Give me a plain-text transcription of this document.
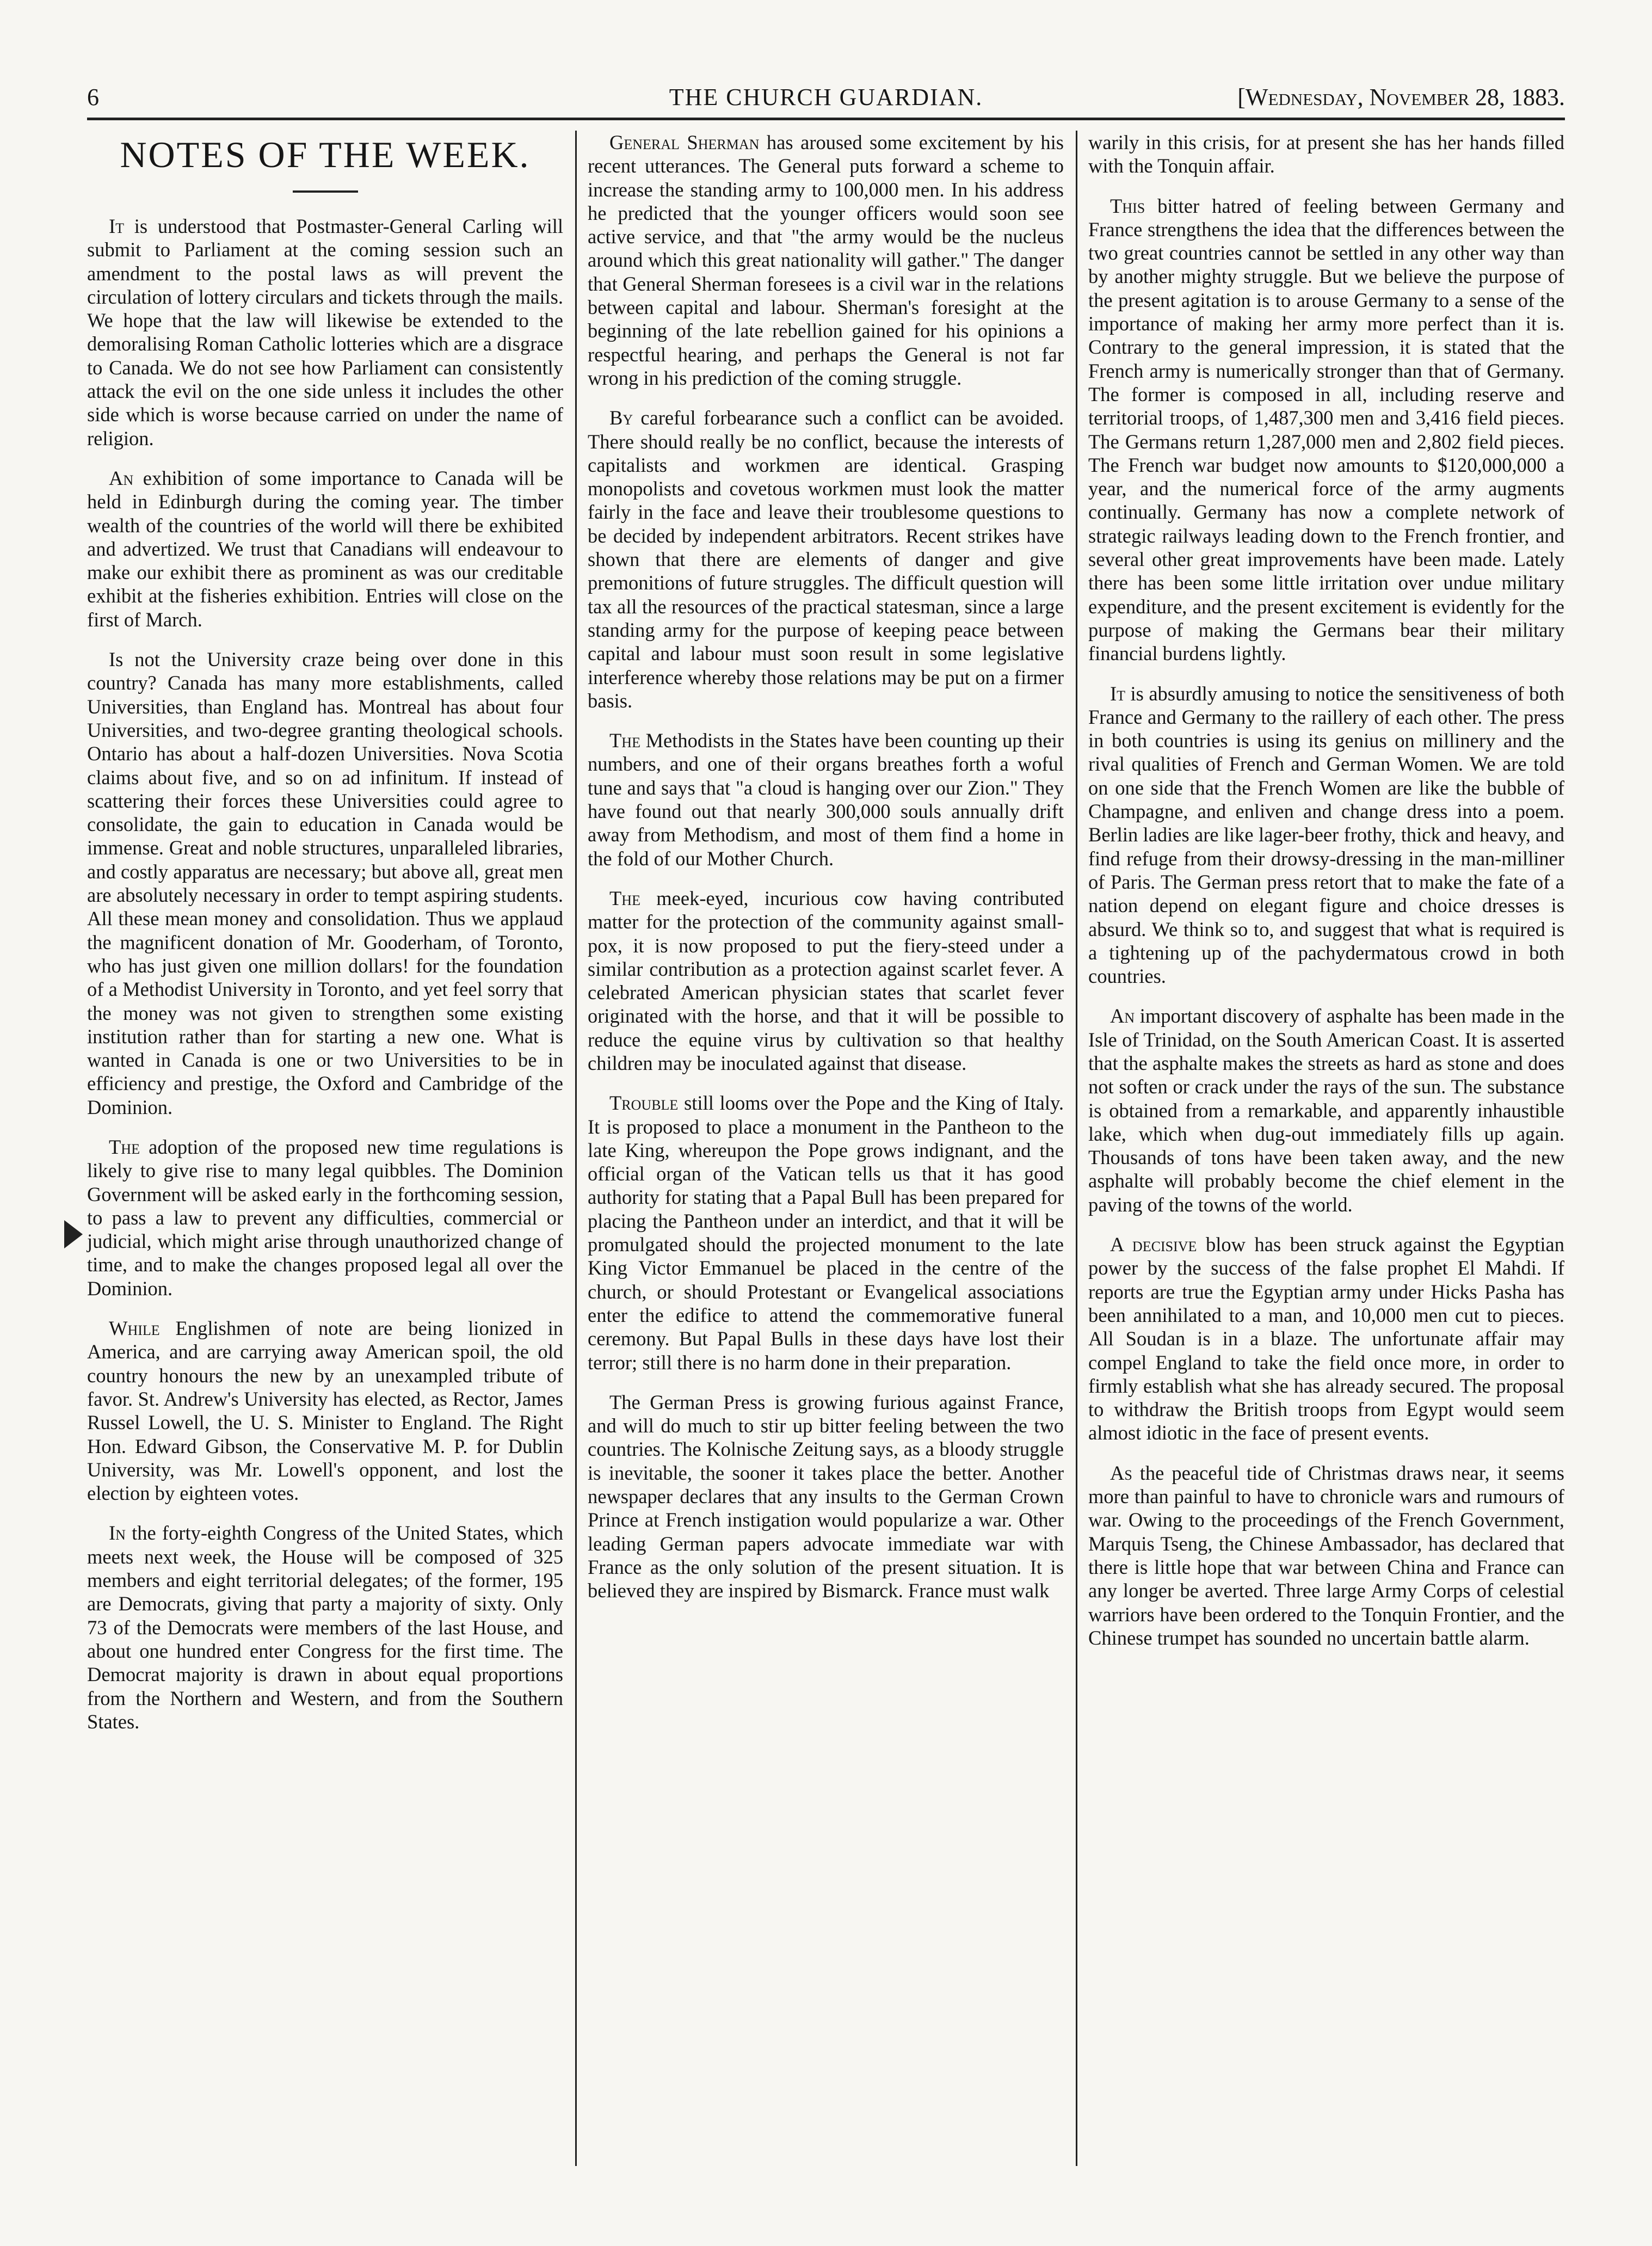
6	THE CHURCH GUARDIAN.	[Wednesday, November 28, 1883.
NOTES OF THE WEEK.

It is understood that Postmaster-General Carling will submit to Parliament at the coming session such an amendment to the postal laws as will prevent the circulation of lottery circulars and tickets through the mails. We hope that the law will likewise be extended to the demoralising Roman Catholic lotteries which are a disgrace to Canada. We do not see how Parliament can consistently attack the evil on the one side unless it includes the other side which is worse because carried on under the name of religion.

An exhibition of some importance to Canada will be held in Edinburgh during the coming year. The timber wealth of the countries of the world will there be exhibited and advertized. We trust that Canadians will endeavour to make our exhibit there as prominent as was our creditable exhibit at the fisheries exhibition. Entries will close on the first of March.

Is not the University craze being over done in this country? Canada has many more establishments, called Universities, than England has. Montreal has about four Universities, and two-degree granting theological schools. Ontario has about a half-dozen Universities. Nova Scotia claims about five, and so on ad infinitum. If instead of scattering their forces these Universities could agree to consolidate, the gain to education in Canada would be immense. Great and noble structures, unparalleled libraries, and costly apparatus are necessary; but above all, great men are absolutely necessary in order to tempt aspiring students. All these mean money and consolidation. Thus we applaud the magnificent donation of Mr. Gooderham, of Toronto, who has just given one million dollars! for the foundation of a Methodist University in Toronto, and yet feel sorry that the money was not given to strengthen some existing institution rather than for starting a new one. What is wanted in Canada is one or two Universities to be in efficiency and prestige, the Oxford and Cambridge of the Dominion.

The adoption of the proposed new time regulations is likely to give rise to many legal quibbles. The Dominion Government will be asked early in the forthcoming session, to pass a law to prevent any difficulties, commercial or judicial, which might arise through unauthorized change of time, and to make the changes proposed legal all over the Dominion.

While Englishmen of note are being lionized in America, and are carrying away American spoil, the old country honours the new by an unexampled tribute of favor. St. Andrew's University has elected, as Rector, James Russel Lowell, the U. S. Minister to England. The Right Hon. Edward Gibson, the Conservative M. P. for Dublin University, was Mr. Lowell's opponent, and lost the election by eighteen votes.

In the forty-eighth Congress of the United States, which meets next week, the House will be composed of 325 members and eight territorial delegates; of the former, 195 are Democrats, giving that party a majority of sixty. Only 73 of the Democrats were members of the last House, and about one hundred enter Congress for the first time. The Democrat majority is drawn in about equal proportions from the Northern and Western, and from the Southern States.

General Sherman has aroused some excitement by his recent utterances. The General puts forward a scheme to increase the standing army to 100,000 men. In his address he predicted that the younger officers would soon see active service, and that "the army would be the nucleus around which this great nationality will gather." The danger that General Sherman foresees is a civil war in the relations between capital and labour. Sherman's foresight at the beginning of the late rebellion gained for his opinions a respectful hearing, and perhaps the General is not far wrong in his prediction of the coming struggle.

By careful forbearance such a conflict can be avoided. There should really be no conflict, because the interests of capitalists and workmen are identical. Grasping monopolists and covetous workmen must look the matter fairly in the face and leave their troublesome questions to be decided by independent arbitrators. Recent strikes have shown that there are elements of danger and give premonitions of future struggles. The difficult question will tax all the resources of the practical statesman, since a large standing army for the purpose of keeping peace between capital and labour must soon result in some legislative interference whereby those relations may be put on a firmer basis.

The Methodists in the States have been counting up their numbers, and one of their organs breathes forth a woful tune and says that "a cloud is hanging over our Zion." They have found out that nearly 300,000 souls annually drift away from Methodism, and most of them find a home in the fold of our Mother Church.

The meek-eyed, incurious cow having contributed matter for the protection of the community against small-pox, it is now proposed to put the fiery-steed under a similar contribution as a protection against scarlet fever. A celebrated American physician states that scarlet fever originated with the horse, and that it will be possible to reduce the equine virus by cultivation so that healthy children may be inoculated against that disease.

Trouble still looms over the Pope and the King of Italy. It is proposed to place a monument in the Pantheon to the late King, whereupon the Pope grows indignant, and the official organ of the Vatican tells us that it has good authority for stating that a Papal Bull has been prepared for placing the Pantheon under an interdict, and that it will be promulgated should the projected monument to the late King Victor Emmanuel be placed in the centre of the church, or should Protestant or Evangelical associations enter the edifice to attend the commemorative funeral ceremony. But Papal Bulls in these days have lost their terror; still there is no harm done in their preparation.

The German Press is growing furious against France, and will do much to stir up bitter feeling between the two countries. The Kolnische Zeitung says, as a bloody struggle is inevitable, the sooner it takes place the better. Another newspaper declares that any insults to the German Crown Prince at French instigation would popularize a war. Other leading German papers advocate immediate war with France as the only solution of the present situation. It is believed they are inspired by Bismarck. France must walk

warily in this crisis, for at present she has her hands filled with the Tonquin affair.

This bitter hatred of feeling between Germany and France strengthens the idea that the differences between the two great countries cannot be settled in any other way than by another mighty struggle. But we believe the purpose of the present agitation is to arouse Germany to a sense of the importance of making her army more perfect than it is. Contrary to the general impression, it is stated that the French army is numerically stronger than that of Germany. The former is composed in all, including reserve and territorial troops, of 1,487,300 men and 3,416 field pieces. The Germans return 1,287,000 men and 2,802 field pieces. The French war budget now amounts to $120,000,000 a year, and the numerical force of the army augments continually. Germany has now a complete network of strategic railways leading down to the French frontier, and several other great improvements have been made. Lately there has been some little irritation over undue military expenditure, and the present excitement is evidently for the purpose of making the Germans bear their military financial burdens lightly.

It is absurdly amusing to notice the sensitiveness of both France and Germany to the raillery of each other. The press in both countries is using its genius on millinery and the rival qualities of French and German Women. We are told on one side that the French Women are like the bubble of Champagne, and enliven and change dress into a poem. Berlin ladies are like lager-beer frothy, thick and heavy, and find refuge from their drowsy-dressing in the man-milliner of Paris. The German press retort that to make the fate of a nation depend on elegant figure and choice dresses is absurd. We think so to, and suggest that what is required is a tightening up of the pachydermatous crowd in both countries.

An important discovery of asphalte has been made in the Isle of Trinidad, on the South American Coast. It is asserted that the asphalte makes the streets as hard as stone and does not soften or crack under the rays of the sun. The substance is obtained from a remarkable, and apparently inhaustible lake, which when dug-out immediately fills up again. Thousands of tons have been taken away, and the new asphalte will probably become the chief element in the paving of the towns of the world.

A decisive blow has been struck against the Egyptian power by the success of the false prophet El Mahdi. If reports are true the Egyptian army under Hicks Pasha has been annihilated to a man, and 10,000 men cut to pieces. All Soudan is in a blaze. The unfortunate affair may compel England to take the field once more, in order to firmly establish what she has already secured. The proposal to withdraw the British troops from Egypt would seem almost idiotic in the face of present events.

As the peaceful tide of Christmas draws near, it seems more than painful to have to chronicle wars and rumours of war. Owing to the proceedings of the French Government, Marquis Tseng, the Chinese Ambassador, has declared that there is little hope that war between China and France can any longer be averted. Three large Army Corps of celestial warriors have been ordered to the Tonquin Frontier, and the Chinese trumpet has sounded no uncertain battle alarm.
